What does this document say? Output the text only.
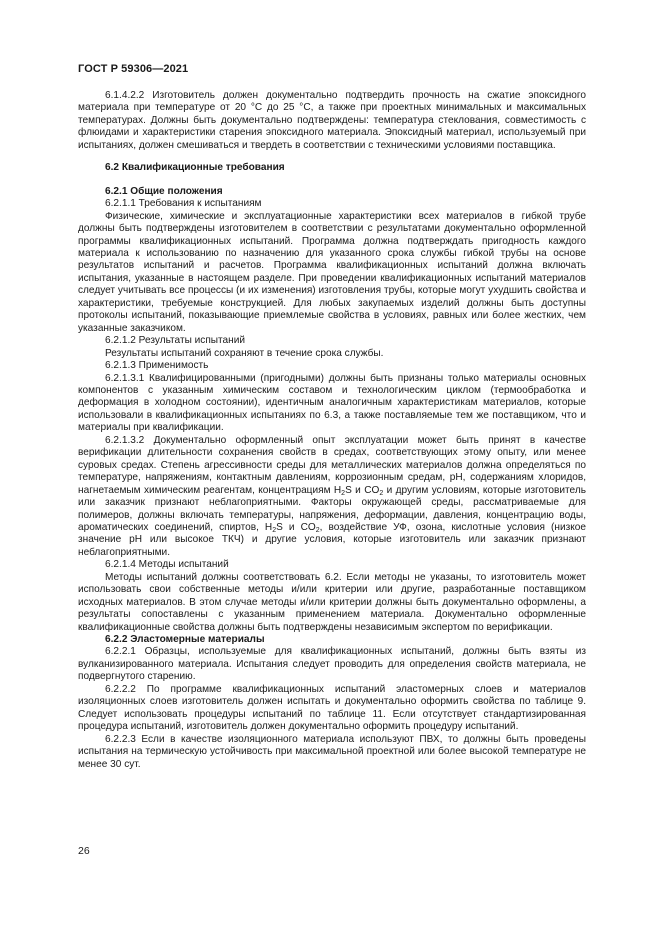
ГОСТ Р 59306—2021

6.1.4.2.2 Изготовитель должен документально подтвердить прочность на сжатие эпоксидного материала при температуре от 20 °С до 25 °С, а также при проектных минимальных и максимальных температурах. Должны быть документально подтверждены: температура стеклования, совместимость с флюидами и характеристики старения эпоксидного материала. Эпоксидный материал, используемый при испытаниях, должен смешиваться и твердеть в соответствии с техническими условиями поставщика.

6.2 Квалификационные требования
6.2.1 Общие положения

6.2.1.1 Требования к испытаниям

Физические, химические и эксплуатационные характеристики всех материалов в гибкой трубе должны быть подтверждены изготовителем в соответствии с результатами документально оформленной программы квалификационных испытаний. Программа должна подтверждать пригодность каждого материала к использованию по назначению для указанного срока службы гибкой трубы на основе результатов испытаний и расчетов. Программа квалификационных испытаний должна включать испытания, указанные в настоящем разделе. При проведении квалификационных испытаний материалов следует учитывать все процессы (и их изменения) изготовления трубы, которые могут ухудшить свойства и характеристики, требуемые конструкцией. Для любых закупаемых изделий должны быть доступны протоколы испытаний, показывающие приемлемые свойства в условиях, равных или более жестких, чем указанные заказчиком.

6.2.1.2 Результаты испытаний

Результаты испытаний сохраняют в течение срока службы.

6.2.1.3 Применимость

6.2.1.3.1 Квалифицированными (пригодными) должны быть признаны только материалы основных компонентов с указанным химическим составом и технологическим циклом (термообработка и деформация в холодном состоянии), идентичным аналогичным характеристикам материалов, которые использовали в квалификационных испытаниях по 6.3, а также поставляемые тем же поставщиком, что и материалы при квалификации.

6.2.1.3.2 Документально оформленный опыт эксплуатации может быть принят в качестве верификации длительности сохранения свойств в средах, соответствующих этому опыту, или менее суровых средах. Степень агрессивности среды для металлических материалов должна определяться по температуре, напряжениям, контактным давлениям, коррозионным средам, pH, содержаниям хлоридов, нагнетаемым химическим реагентам, концентрациям $H_2S$ и $CO_2$ и другим условиям, которые изготовитель или заказчик признают неблагоприятными. Факторы окружающей среды, рассматриваемые для полимеров, должны включать температуры, напряжения, деформации, давления, концентрацию воды, ароматических соединений, спиртов, $H_2S$ и $CO_2$, воздействие УФ, озона, кислотные условия (низкое значение pH или высокое ТКЧ) и другие условия, которые изготовитель или заказчик признают неблагоприятными.

6.2.1.4 Методы испытаний

Методы испытаний должны соответствовать 6.2. Если методы не указаны, то изготовитель может использовать свои собственные методы и/или критерии или другие, разработанные поставщиком исходных материалов. В этом случае методы и/или критерии должны быть документально оформлены, а результаты сопоставлены с указанным применением материала. Документально оформленные квалификационные свойства должны быть подтверждены независимым экспертом по верификации.

6.2.2 Эластомерные материалы

6.2.2.1 Образцы, используемые для квалификационных испытаний, должны быть взяты из вулканизированного материала. Испытания следует проводить для определения свойств материала, не подвергнутого старению.

6.2.2.2 По программе квалификационных испытаний эластомерных слоев и материалов изоляционных слоев изготовитель должен испытать и документально оформить свойства по таблице 9. Следует использовать процедуры испытаний по таблице 11. Если отсутствует стандартизированная процедура испытаний, изготовитель должен документально оформить процедуру испытаний.

6.2.2.3 Если в качестве изоляционного материала используют ПВХ, то должны быть проведены испытания на термическую устойчивость при максимальной проектной или более высокой температуре не менее 30 сут.

26
